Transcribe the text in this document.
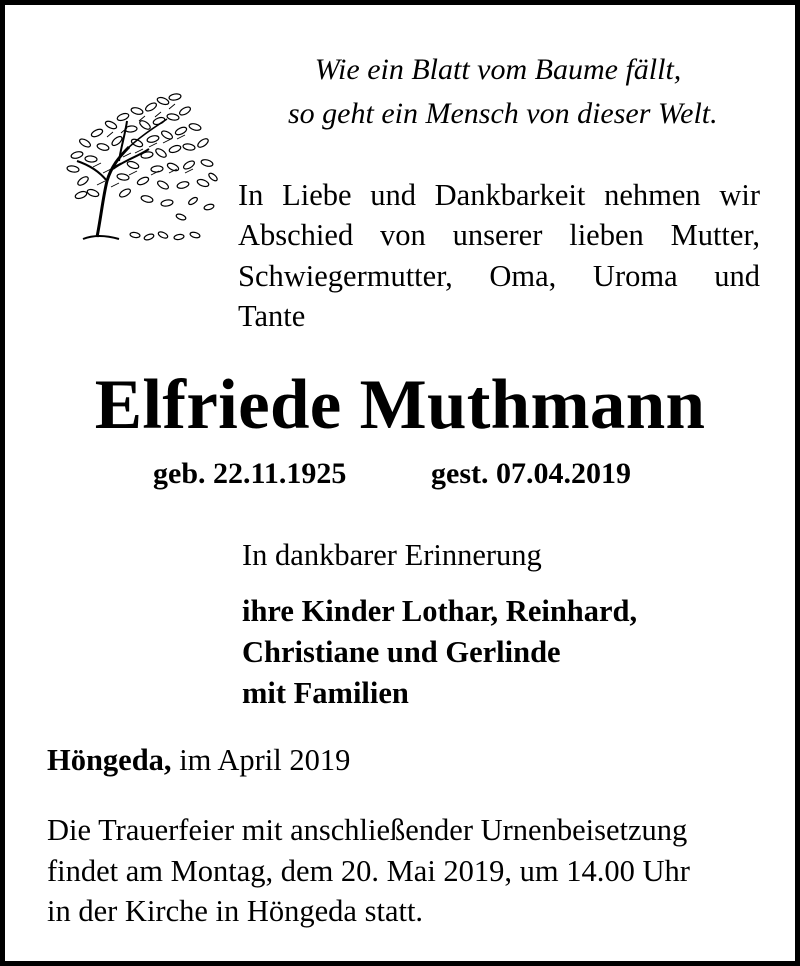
Wie ein Blatt vom Baume fällt,
so geht ein Mensch von dieser Welt.
In Liebe und Dankbarkeit nehmen wir
Abschied von unserer lieben Mutter,
Schwiegermutter, Oma, Uroma und
Tante
Elfriede Muthmann
geb. 22.11.1925	gest. 07.04.2019
In dankbarer Erinnerung
ihre Kinder Lothar, Reinhard,
Christiane und Gerlinde
mit Familien
Höngeda, im April 2019
Die Trauerfeier mit anschließender Urnenbeisetzung
findet am Montag, dem 20. Mai 2019, um 14.00 Uhr
in der Kirche in Höngeda statt.
